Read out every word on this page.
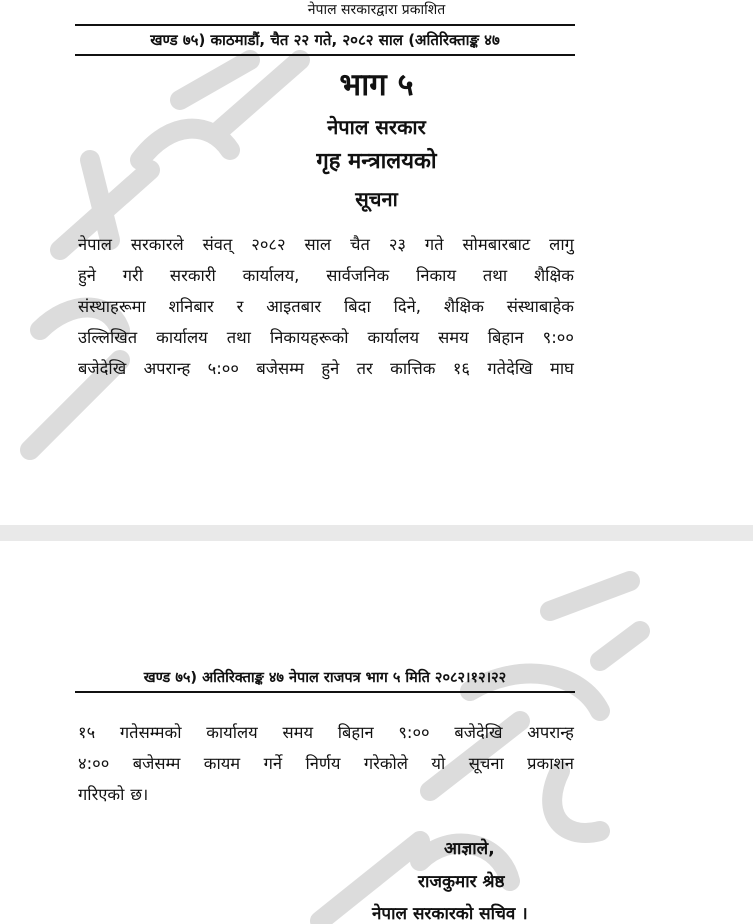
नेपाल सरकारद्वारा प्रकाशित
खण्ड ७५) काठमाडौं, चैत २२ गते, २०८२ साल (अतिरिक्ताङ्क ४७
भाग ५
नेपाल सरकार
गृह मन्त्रालयको
सूचना
नेपाल सरकारले संवत् २०८२ साल चैत २३ गते सोमबारबाट लागु
हुने गरी सरकारी कार्यालय, सार्वजनिक निकाय तथा शैक्षिक
संस्थाहरूमा शनिबार र आइतबार बिदा दिने, शैक्षिक संस्थाबाहेक
उल्लिखित कार्यालय तथा निकायहरूको कार्यालय समय बिहान ९:००
बजेदेखि अपरान्ह ५:०० बजेसम्म हुने तर कात्तिक १६ गतेदेखि माघ
खण्ड ७५) अतिरिक्ताङ्क ४७ नेपाल राजपत्र भाग ५ मिति २०८२।१२।२२
१५ गतेसम्मको कार्यालय समय बिहान ९:०० बजेदेखि अपरान्ह
४:०० बजेसम्म कायम गर्ने निर्णय गरेकोले यो सूचना प्रकाशन
गरिएको छ।
आज्ञाले,
राजकुमार श्रेष्ठ
नेपाल सरकारको सचिव ।
